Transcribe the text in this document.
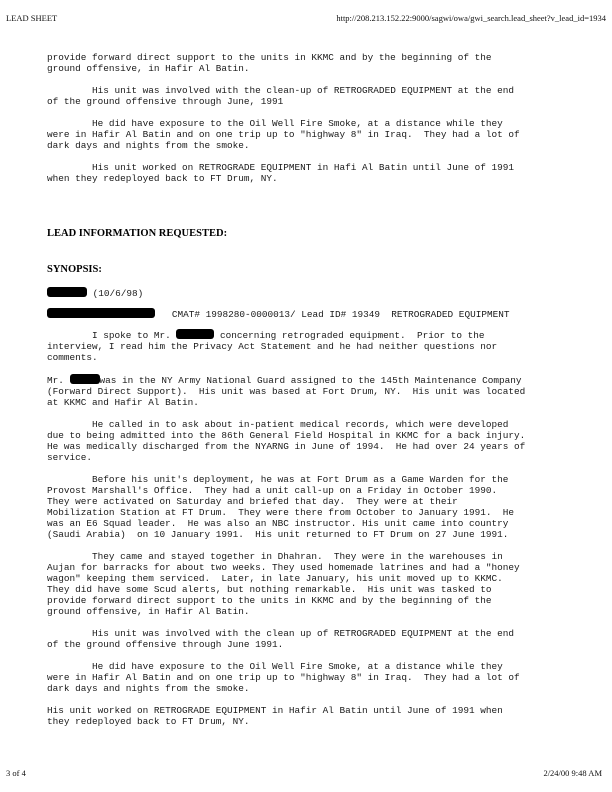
LEAD SHEET	http://208.213.152.22:9000/sagwi/owa/gwi_search.lead_sheet?v_lead_id=1934

provide forward direct support to the units in KKMC and by the beginning of the
ground offensive, in Hafir Al Batin.

His unit was involved with the clean-up of RETROGRADED EQUIPMENT at the end
of the ground offensive through June, 1991

He did have exposure to the Oil Well Fire Smoke, at a distance while they
were in Hafir Al Batin and on one trip up to "highway 8" in Iraq.  They had a lot of
dark days and nights from the smoke.

His unit worked on RETROGRADE EQUIPMENT in Hafi Al Batin until June of 1991
when they redeployed back to FT Drum, NY.

LEAD INFORMATION REQUESTED:
SYNOPSIS:
(10/6/98)
CMAT# 1998280-0000013/ Lead ID# 19349  RETROGRADED EQUIPMENT

I spoke to Mr.	concerning retrograded equipment.  Prior to the
interview, I read him the Privacy Act Statement and he had neither questions nor
comments.

Mr.	was in the NY Army National Guard assigned to the 145th Maintenance Company
(Forward Direct Support).  His unit was based at Fort Drum, NY.  His unit was located
at KKMC and Hafir Al Batin.

He called in to ask about in-patient medical records, which were developed
due to being admitted into the 86th General Field Hospital in KKMC for a back injury.
He was medically discharged from the NYARNG in June of 1994.  He had over 24 years of
service.

Before his unit's deployment, he was at Fort Drum as a Game Warden for the
Provost Marshall's Office.  They had a unit call-up on a Friday in October 1990.
They were activated on Saturday and briefed that day.  They were at their
Mobilization Station at FT Drum.  They were there from October to January 1991.  He
was an E6 Squad leader.  He was also an NBC instructor. His unit came into country
(Saudi Arabia)  on 10 January 1991.  His unit returned to FT Drum on 27 June 1991.

They came and stayed together in Dhahran.  They were in the warehouses in
Aujan for barracks for about two weeks. They used homemade latrines and had a "honey
wagon" keeping them serviced.  Later, in late January, his unit moved up to KKMC.
They did have some Scud alerts, but nothing remarkable.  His unit was tasked to
provide forward direct support to the units in KKMC and by the beginning of the
ground offensive, in Hafir Al Batin.

His unit was involved with the clean up of RETROGRADED EQUIPMENT at the end
of the ground offensive through June 1991.

He did have exposure to the Oil Well Fire Smoke, at a distance while they
were in Hafir Al Batin and on one trip up to "highway 8" in Iraq.  They had a lot of
dark days and nights from the smoke.

His unit worked on RETROGRADE EQUIPMENT in Hafir Al Batin until June of 1991 when
they redeployed back to FT Drum, NY.

3 of 4	2/24/00 9:48 AM
